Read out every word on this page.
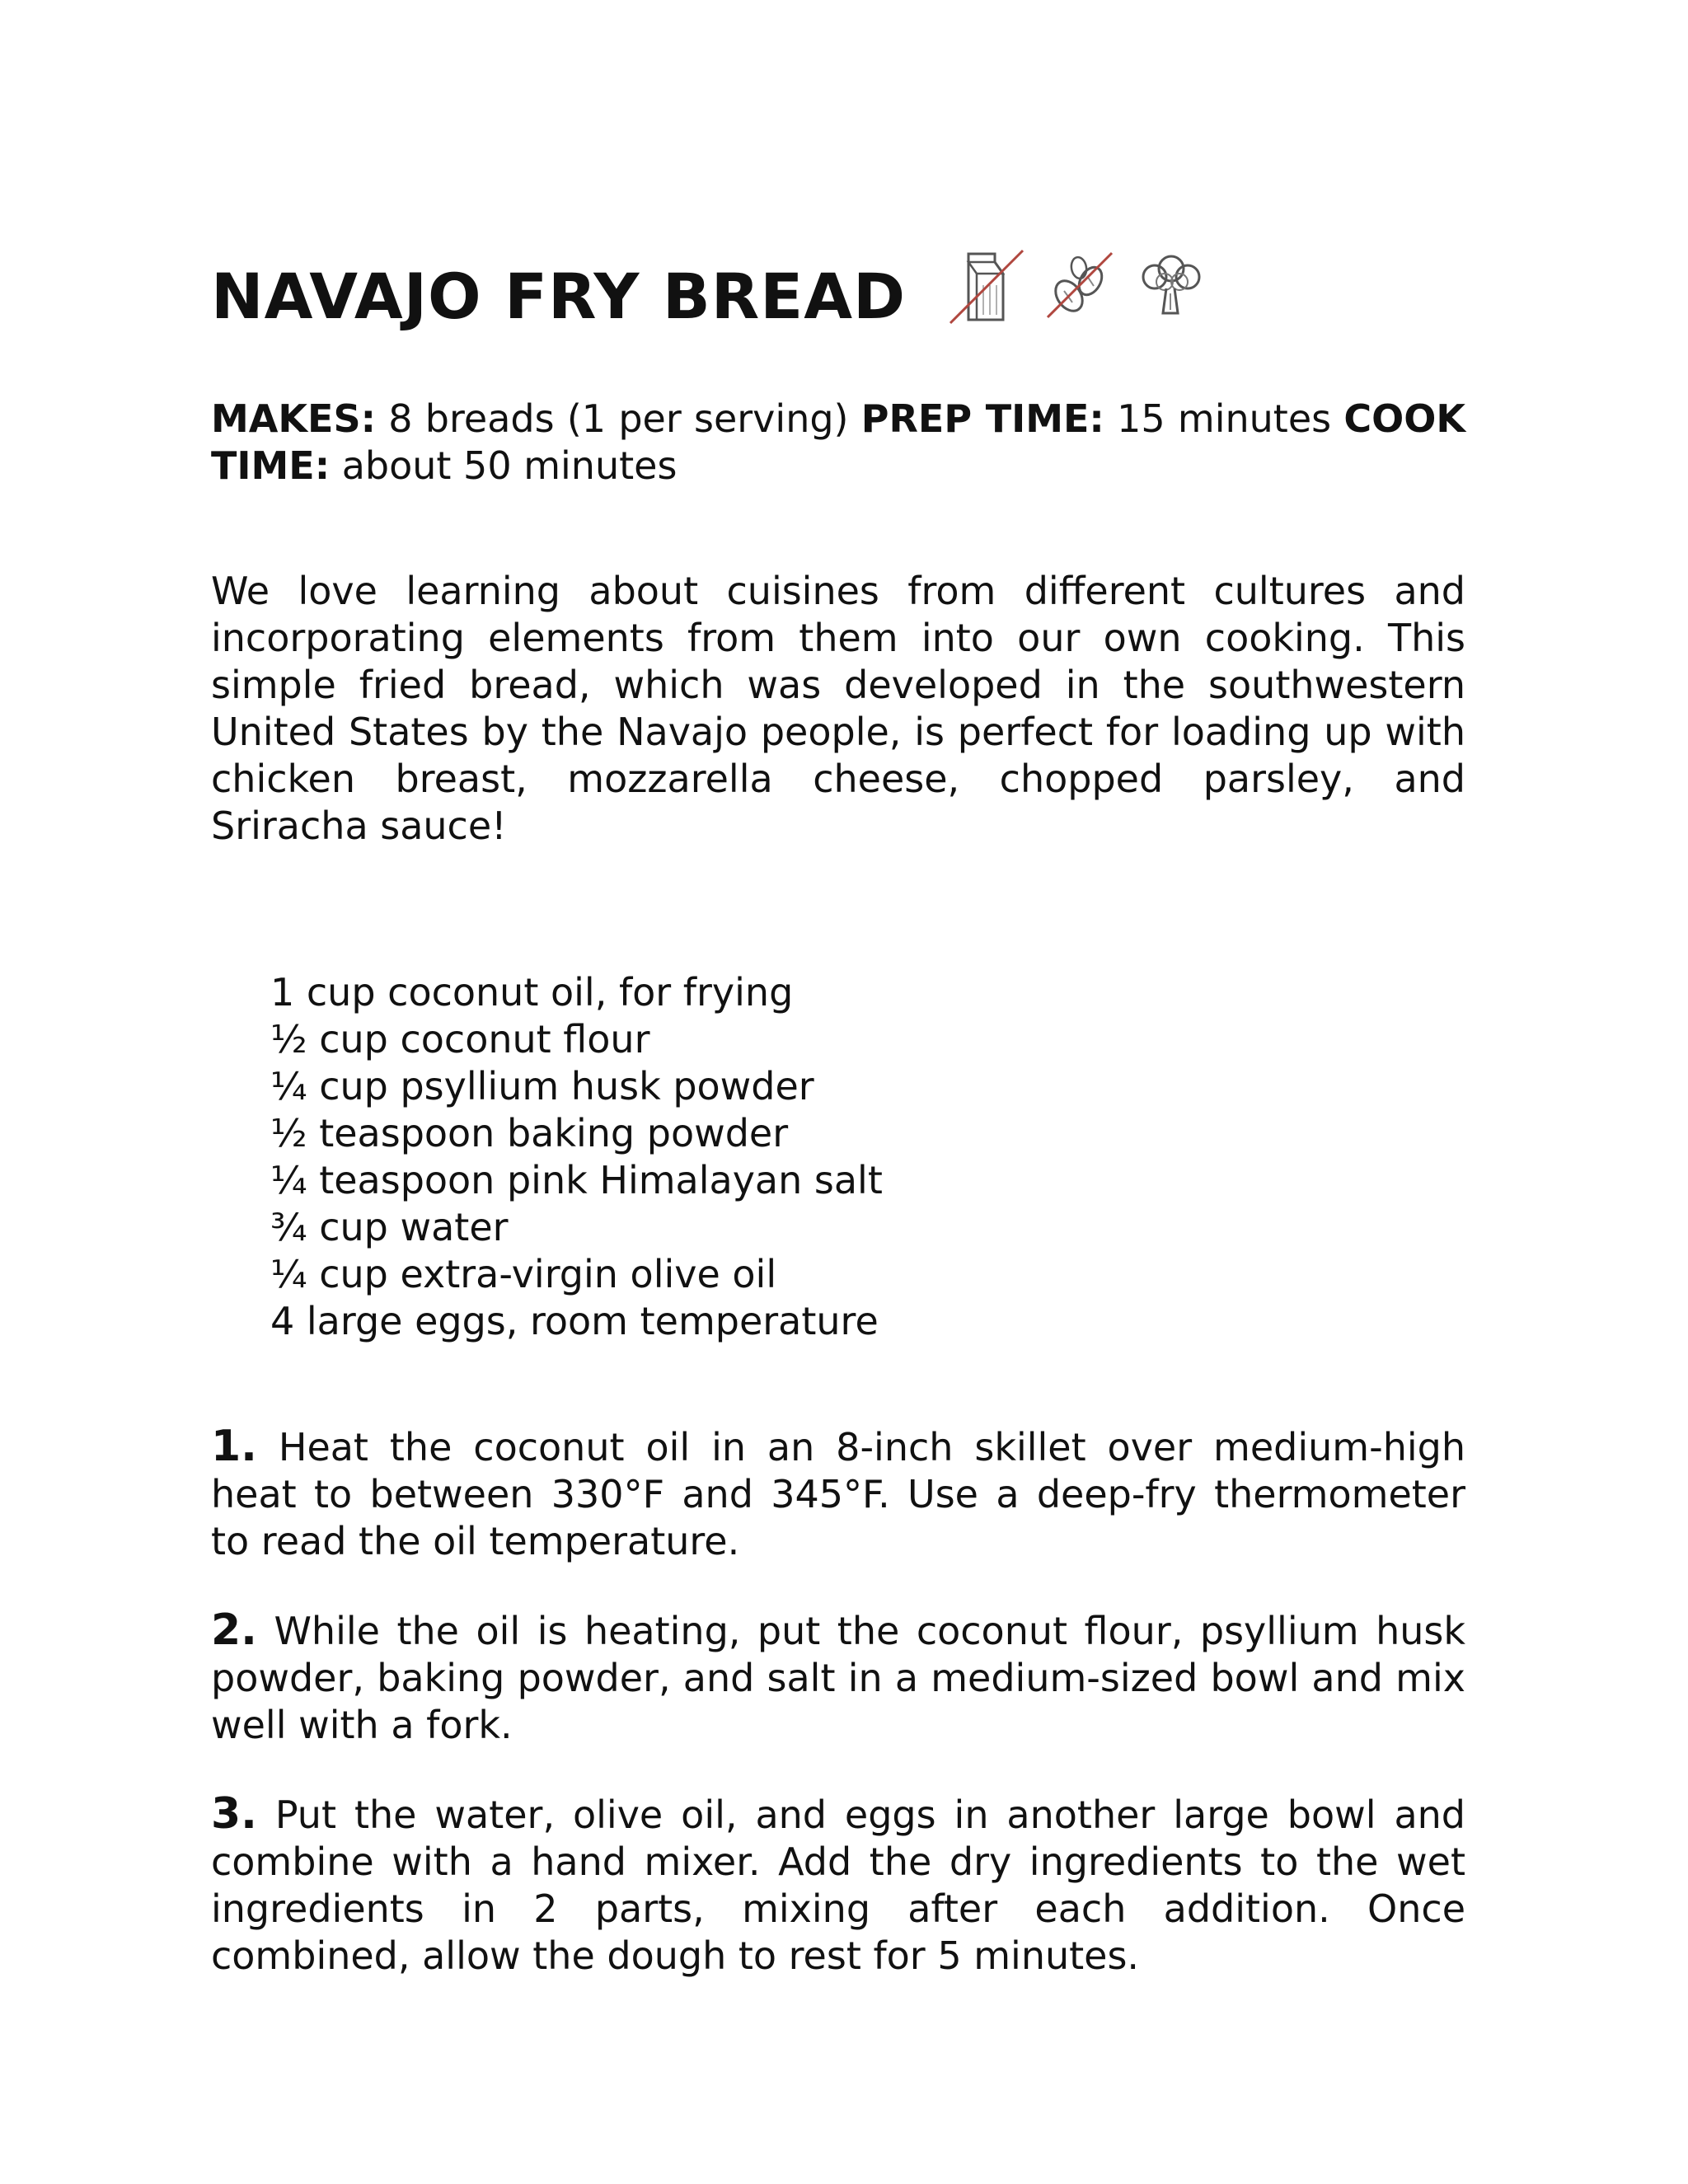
NAVAJO FRY BREAD

MAKES: 8 breads (1 per serving) PREP TIME: 15 minutes COOK TIME: about 50 minutes

We love learning about cuisines from different cultures and incorporating elements from them into our own cooking. This simple fried bread, which was developed in the southwestern United States by the Navajo people, is perfect for loading up with chicken breast, mozzarella cheese, chopped parsley, and Sriracha sauce!

1 cup coconut oil, for frying
½ cup coconut flour
¼ cup psyllium husk powder
½ teaspoon baking powder
¼ teaspoon pink Himalayan salt
¾ cup water
¼ cup extra-virgin olive oil
4 large eggs, room temperature

1. Heat the coconut oil in an 8-inch skillet over medium-high heat to between 330°F and 345°F. Use a deep-fry thermometer to read the oil temperature.

2. While the oil is heating, put the coconut flour, psyllium husk powder, baking powder, and salt in a medium-sized bowl and mix well with a fork.

3. Put the water, olive oil, and eggs in another large bowl and combine with a hand mixer. Add the dry ingredients to the wet ingredients in 2 parts, mixing after each addition. Once combined, allow the dough to rest for 5 minutes.
